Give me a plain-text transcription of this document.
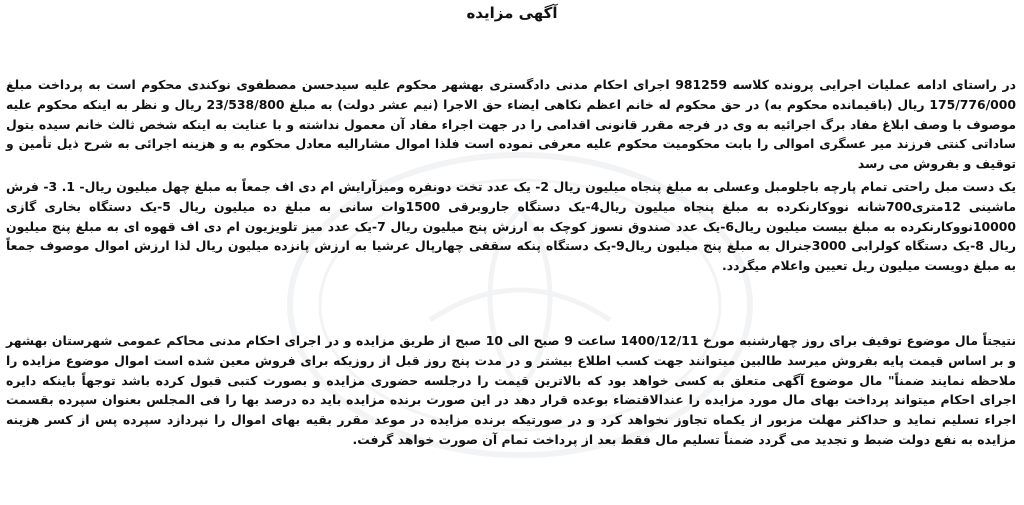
آگهی مزایده
در راستای ادامه عملیات اجرایی پرونده کلاسه 981259 اجرای احکام مدنی دادگستری بهشهر محکوم علیه سیدحسن مصطفوی نوکندی محکوم است به پرداخت مبلغ 175/776/000 ریال (باقیمانده محکوم به) در حق محکوم له خانم اعظم نکاهی ایضاء حق الاجرا (نیم عشر دولت) به مبلغ 23/538/800 ریال و نظر به اینکه محکوم علیه موصوف با وصف ابلاغ مفاد برگ اجرائیه به وی در فرجه مقرر قانونی اقدامی را در جهت اجراء مفاد آن معمول نداشته و با عنایت به اینکه شخص ثالث خانم سیده بتول ساداتی کنتی فرزند میر عسگری اموالی را بابت محکومیت محکوم علیه معرفی نموده است فلذا اموال مشارالیه معادل محکوم به و هزینه اجرائی به شرح ذیل تأمین و توقیف و بفروش می رسد
یک دست مبل راحتی تمام پارچه باجلومبل وعسلی به مبلغ پنجاه میلیون ریال 2- یک عدد تخت دونفره ومیزآرایش ام دی اف جمعاً به مبلغ چهل میلیون ریال- 1. 3- فرش ماشینی 12متری700شانه نووکارنکرده به مبلغ پنجاه میلیون ریال4-یک دستگاه جاروبرقی 1500وات سانی به مبلغ ده میلیون ریال 5-یک دستگاه بخاری گازی 10000نووکارنکرده به مبلغ بیست میلیون ریال6-یک عدد صندوق نسوز کوچک به ارزش پنج میلیون ریال 7-یک عدد میز تلویزیون ام دی اف قهوه ای به مبلغ پنج میلیون ریال 8-یک دستگاه کولرابی 3000جنرال به مبلغ پنج میلیون ریال9-یک دستگاه پنکه سقفی چهارپال عرشیا به ارزش پانزده میلیون ریال لذا ارزش اموال موصوف جمعاً به مبلغ دویست میلیون ریل تعیین واعلام میگردد.
نتیجتاً مال موضوع توقیف برای روز چهارشنبه مورخ 1400/12/11 ساعت 9 صبح الی 10 صبح از طریق مزایده و در اجرای احکام مدنی محاکم عمومی شهرستان بهشهر و بر اساس قیمت پایه بفروش میرسد طالبین میتوانند جهت کسب اطلاع بیشتر و در مدت پنج روز قبل از روزیکه برای فروش معین شده است اموال موضوع مزایده را ملاحظه نمایند ضمناً" مال موضوع آگهی متعلق به کسی خواهد بود که بالاترین قیمت را درجلسه حضوری مزایده و بصورت کتبی قبول کرده باشد توجهاً باینکه دایره اجرای احکام میتواند پرداخت بهای مال مورد مزایده را عندالاقتضاء بوعده قرار دهد در این صورت برنده مزایده باید ده درصد بها را فی المجلس بعنوان سپرده بقسمت اجراء تسلیم نماید و حداکثر مهلت مزبور از یکماه تجاوز نخواهد کرد و در صورتیکه برنده مزایده در موعد مقرر بقیه بهای اموال را نپردازد سپرده پس از کسر هزینه مزایده به نفع دولت ضبط و تجدید می گردد ضمناً تسلیم مال فقط بعد از پرداخت تمام آن صورت خواهد گرفت.
